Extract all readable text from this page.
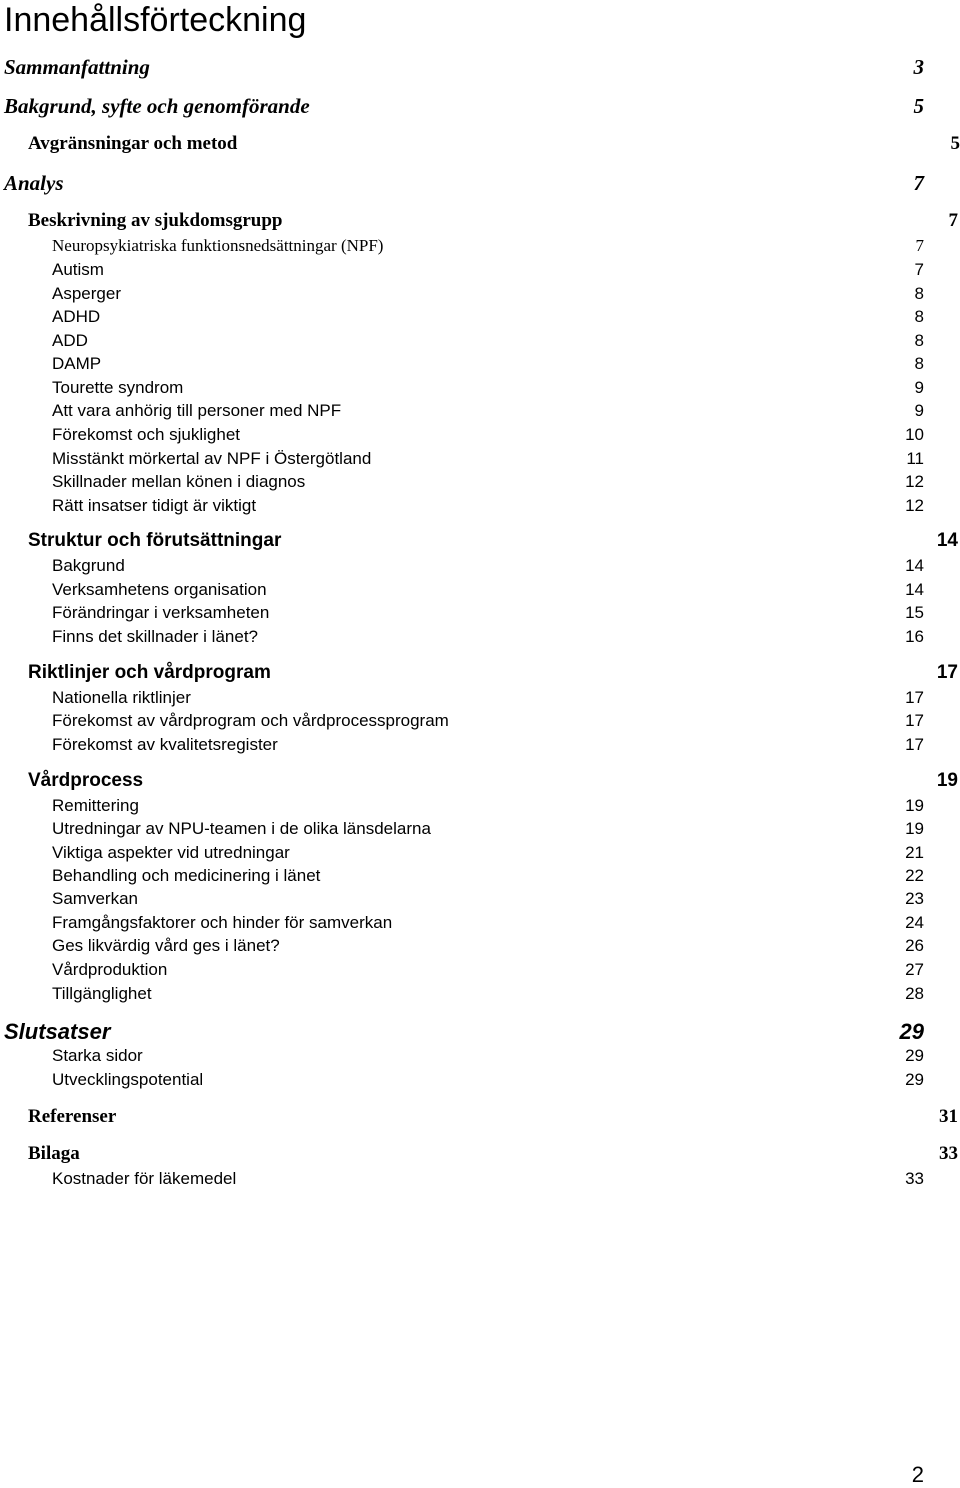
Innehållsförteckning
Sammanfattning	3
Bakgrund, syfte och genomförande	5
Avgränsningar och metod	5
Analys	7
Beskrivning av sjukdomsgrupp	7
Neuropsykiatriska funktionsnedsättningar (NPF)	7
Autism	7
Asperger	8
ADHD	8
ADD	8
DAMP	8
Tourette syndrom	9
Att vara anhörig till personer med NPF	9
Förekomst och sjuklighet	10
Misstänkt mörkertal av NPF i Östergötland	11
Skillnader mellan könen i diagnos	12
Rätt insatser tidigt är viktigt	12
Struktur och förutsättningar	14
Bakgrund	14
Verksamhetens organisation	14
Förändringar i verksamheten	15
Finns det skillnader i länet?	16
Riktlinjer och vårdprogram	17
Nationella riktlinjer	17
Förekomst av vårdprogram och vårdprocessprogram	17
Förekomst av kvalitetsregister	17
Vårdprocess	19
Remittering	19
Utredningar av NPU-teamen i de olika länsdelarna	19
Viktiga aspekter vid utredningar	21
Behandling och medicinering i länet	22
Samverkan	23
Framgångsfaktorer och hinder för samverkan	24
Ges likvärdig vård ges i länet?	26
Vårdproduktion	27
Tillgänglighet	28
Slutsatser	29
Starka sidor	29
Utvecklingspotential	29
Referenser	31
Bilaga	33
Kostnader för läkemedel	33
2
